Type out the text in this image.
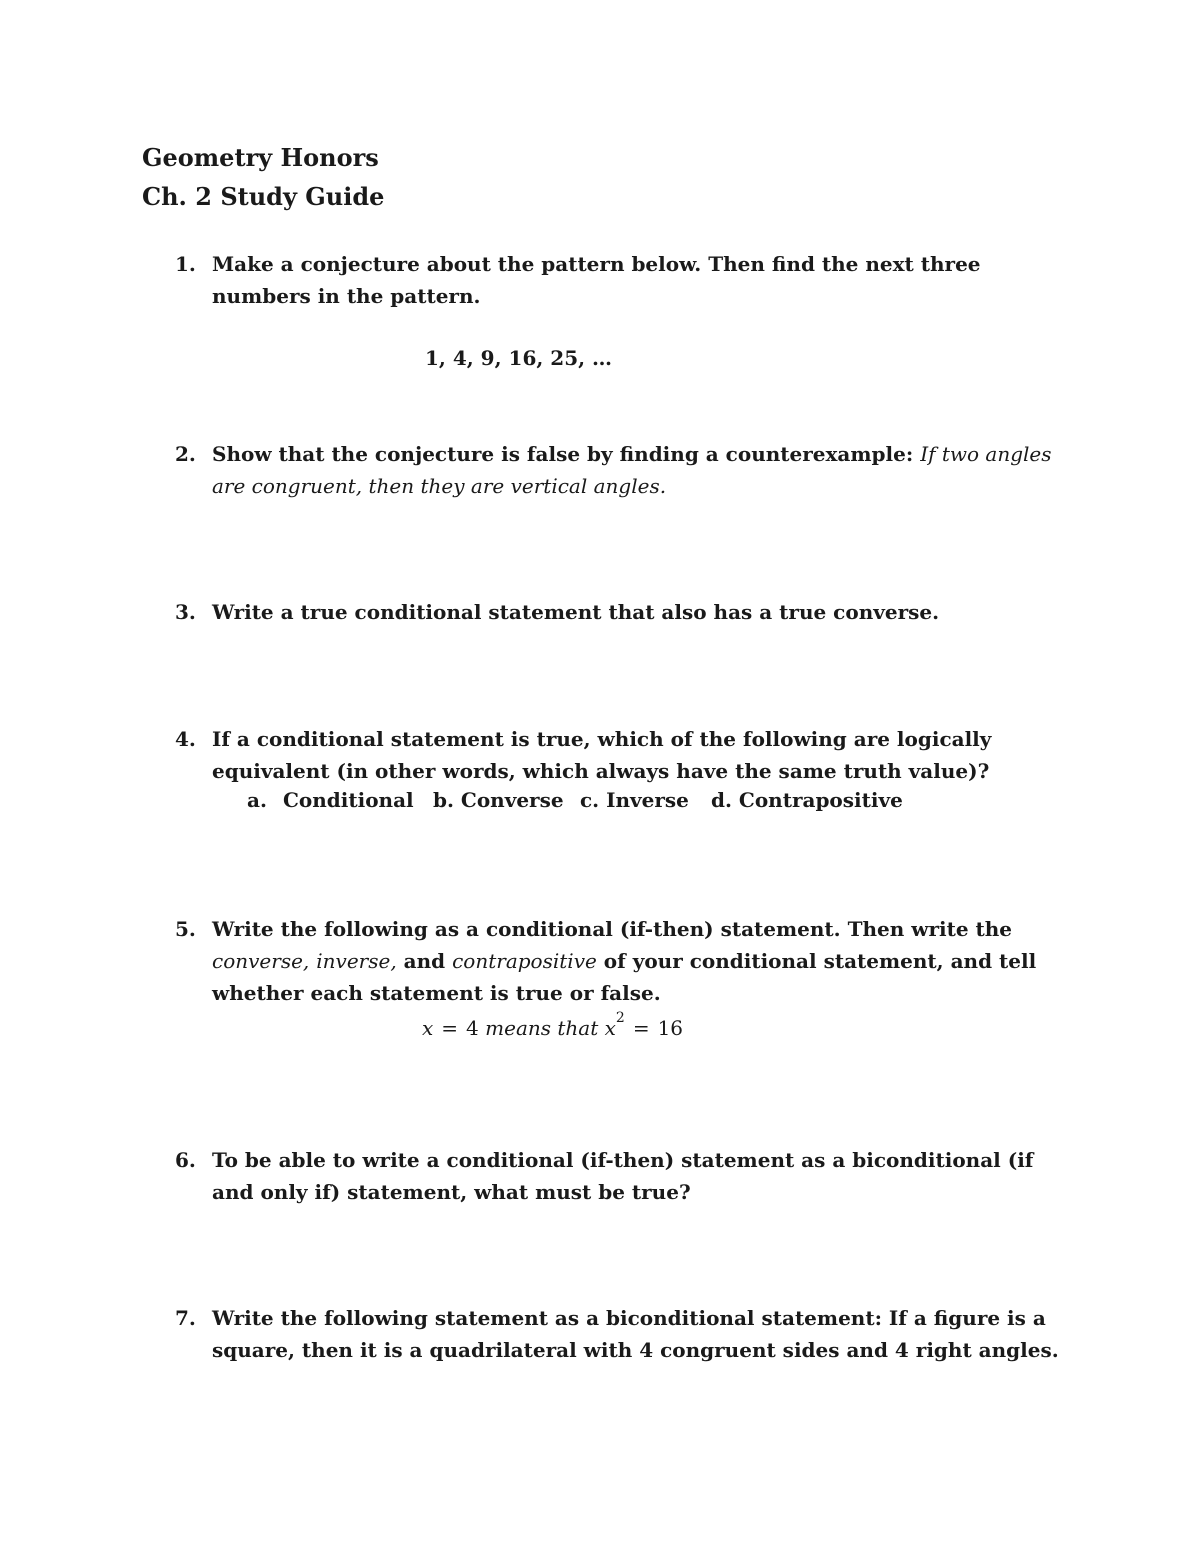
Geometry Honors
Ch. 2 Study Guide
1. Make a conjecture about the pattern below. Then find the next three numbers in the pattern.
1, 4, 9, 16, 25, …
2. Show that the conjecture is false by finding a counterexample: If two angles are congruent, then they are vertical angles.
3. Write a true conditional statement that also has a true converse.
4. If a conditional statement is true, which of the following are logically equivalent (in other words, which always have the same truth value)?
a. Conditional b. Converse c. Inverse d. Contrapositive
5. Write the following as a conditional (if-then) statement. Then write the converse, inverse, and contrapositive of your conditional statement, and tell whether each statement is true or false.
x = 4 means that $x^2 = 16$
6. To be able to write a conditional (if-then) statement as a biconditional (if and only if) statement, what must be true?
7. Write the following statement as a biconditional statement: If a figure is a square, then it is a quadrilateral with 4 congruent sides and 4 right angles.
